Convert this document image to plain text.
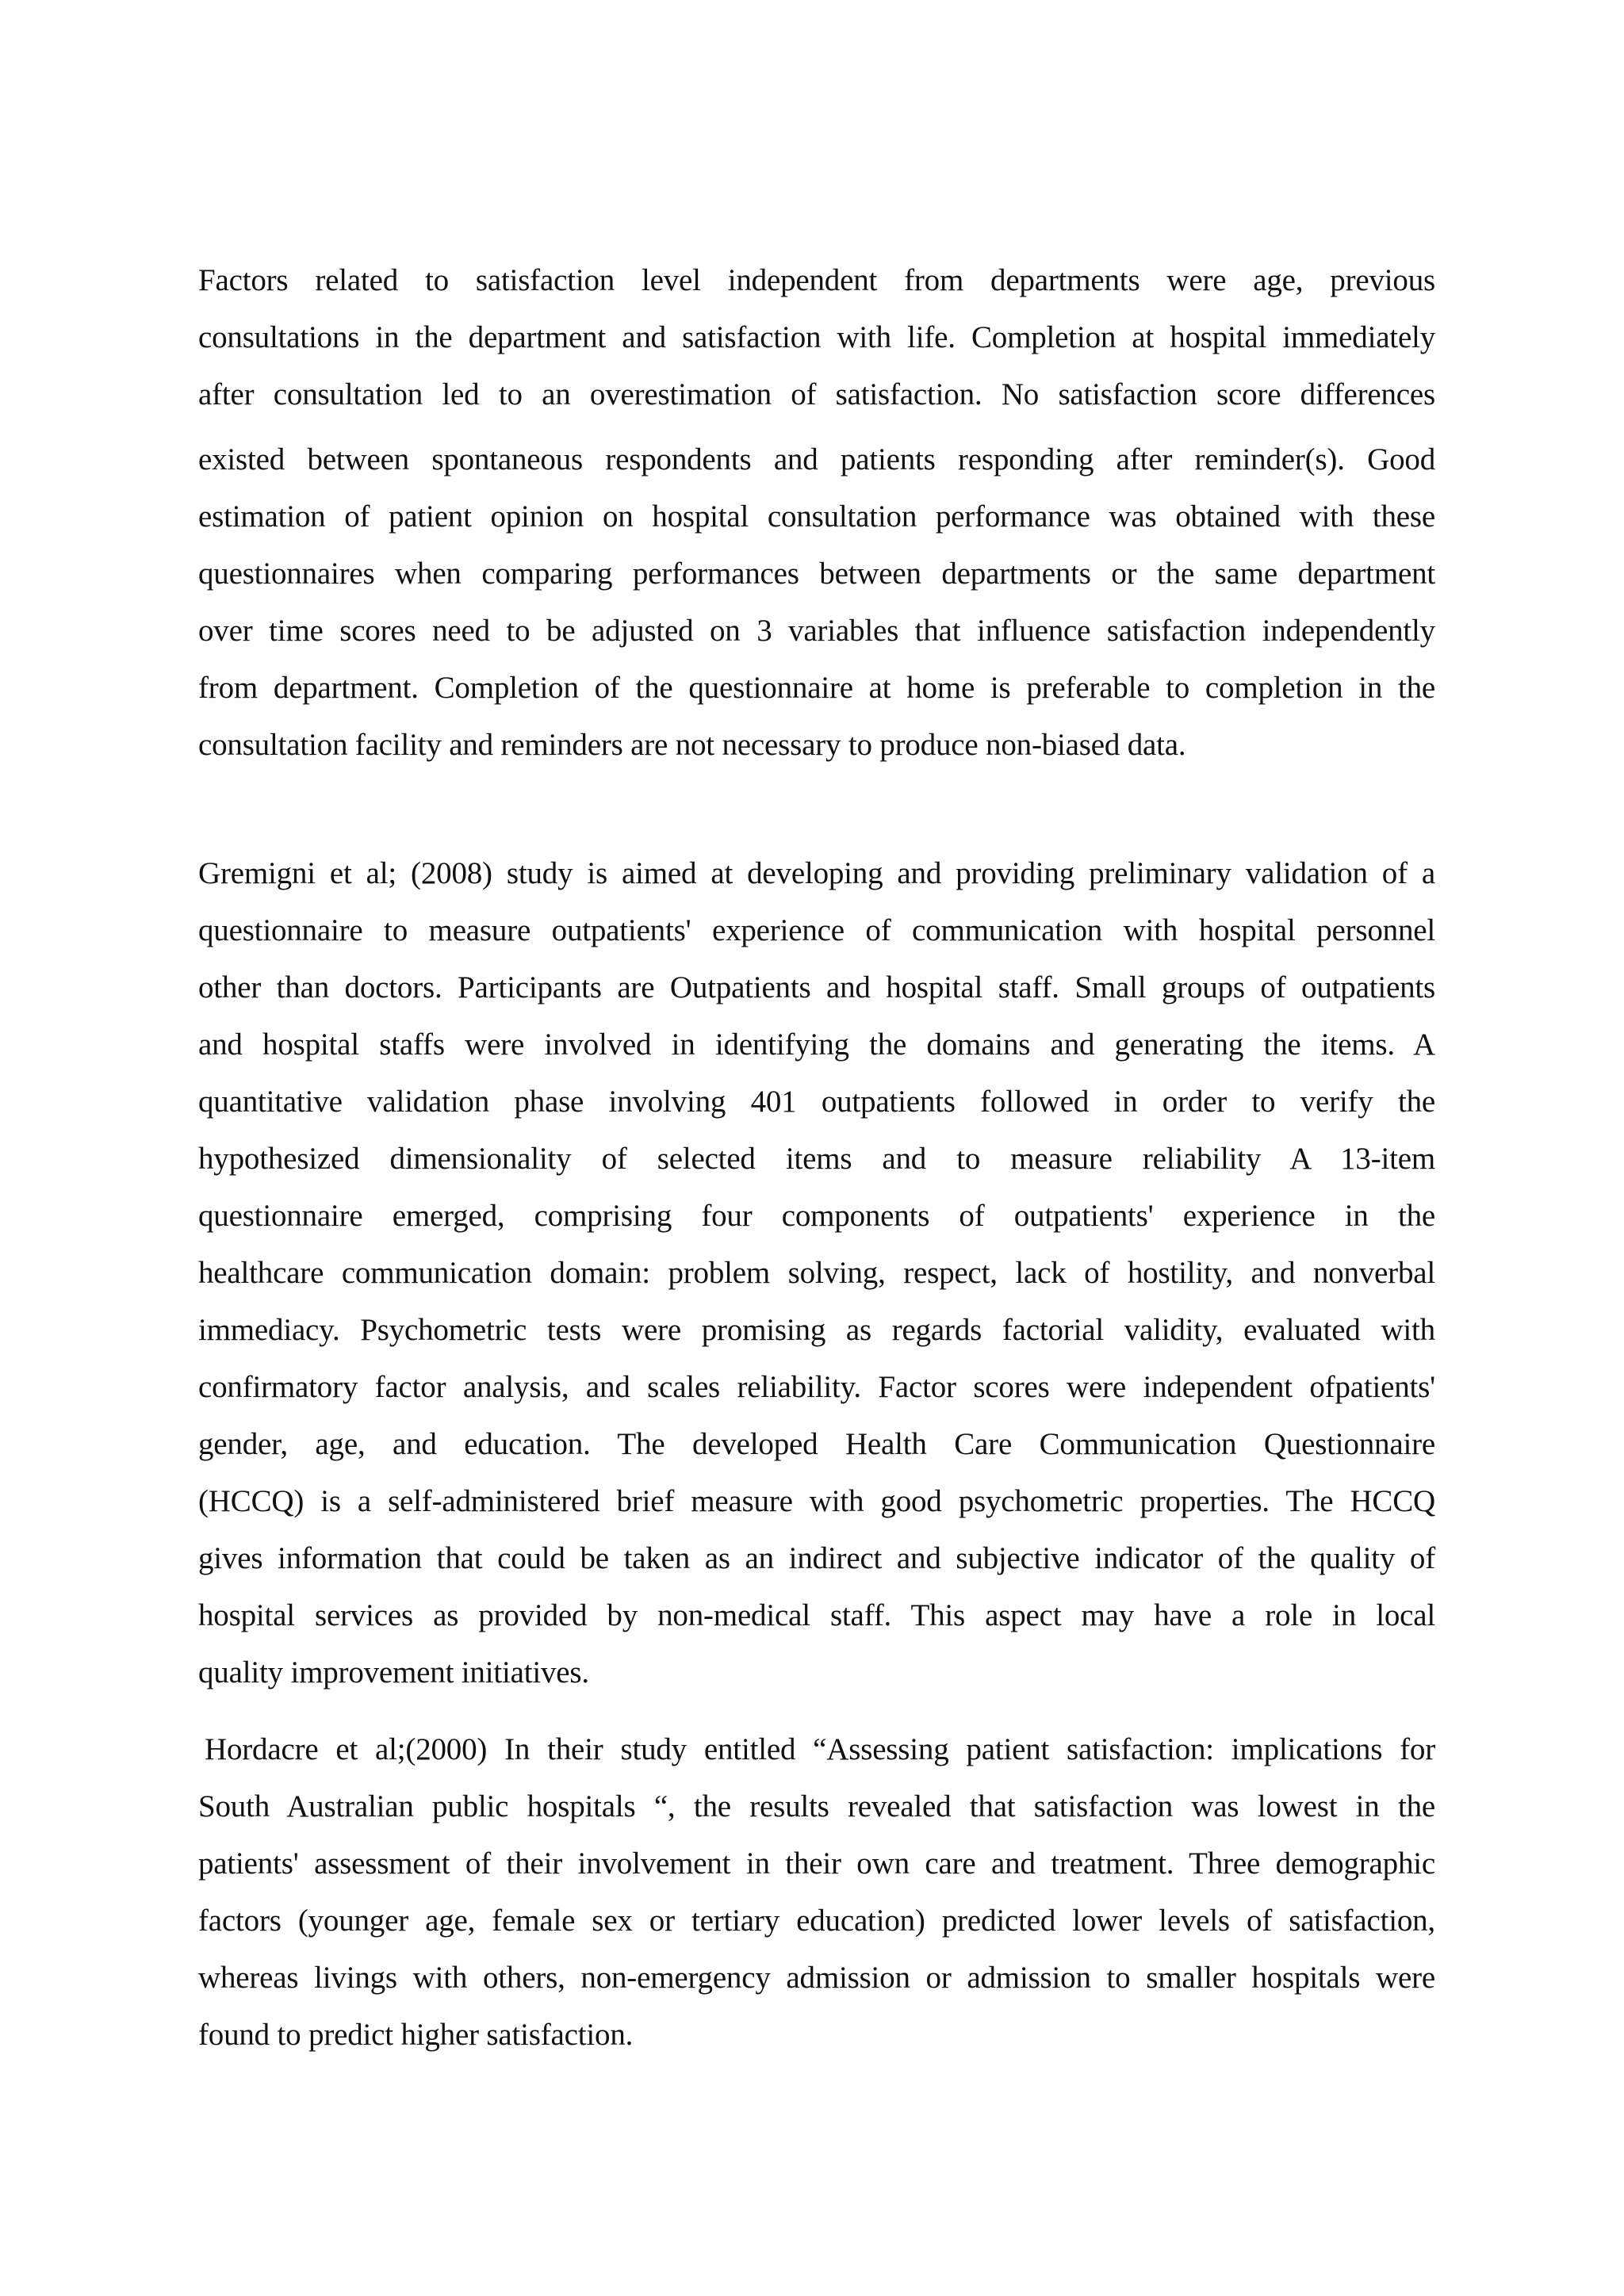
Factors related to satisfaction level independent from departments were age, previous
consultations in the department and satisfaction with life. Completion at hospital immediately
after consultation led to an overestimation of satisfaction. No satisfaction score differences
existed between spontaneous respondents and patients responding after reminder(s). Good
estimation of patient opinion on hospital consultation performance was obtained with these
questionnaires when comparing performances between departments or the same department
over time scores need to be adjusted on 3 variables that influence satisfaction independently
from department. Completion of the questionnaire at home is preferable to completion in the
consultation facility and reminders are not necessary to produce non-biased data.
Gremigni et al; (2008) study is aimed at developing and providing preliminary validation of a
questionnaire to measure outpatients' experience of communication with hospital personnel
other than doctors. Participants are Outpatients and hospital staff. Small groups of outpatients
and hospital staffs were involved in identifying the domains and generating the items. A
quantitative validation phase involving 401 outpatients followed in order to verify the
hypothesized dimensionality of selected items and to measure reliability A 13-item
questionnaire emerged, comprising four components of outpatients' experience in the
healthcare communication domain: problem solving, respect, lack of hostility, and nonverbal
immediacy. Psychometric tests were promising as regards factorial validity, evaluated with
confirmatory factor analysis, and scales reliability. Factor scores were independent ofpatients'
gender, age, and education. The developed Health Care Communication Questionnaire
(HCCQ) is a self-administered brief measure with good psychometric properties. The HCCQ
gives information that could be taken as an indirect and subjective indicator of the quality of
hospital services as provided by non-medical staff. This aspect may have a role in local
quality improvement initiatives.
Hordacre et al;(2000) In their study entitled “Assessing patient satisfaction: implications for
South Australian public hospitals “, the results revealed that satisfaction was lowest in the
patients' assessment of their involvement in their own care and treatment. Three demographic
factors (younger age, female sex or tertiary education) predicted lower levels of satisfaction,
whereas livings with others, non-emergency admission or admission to smaller hospitals were
found to predict higher satisfaction.
